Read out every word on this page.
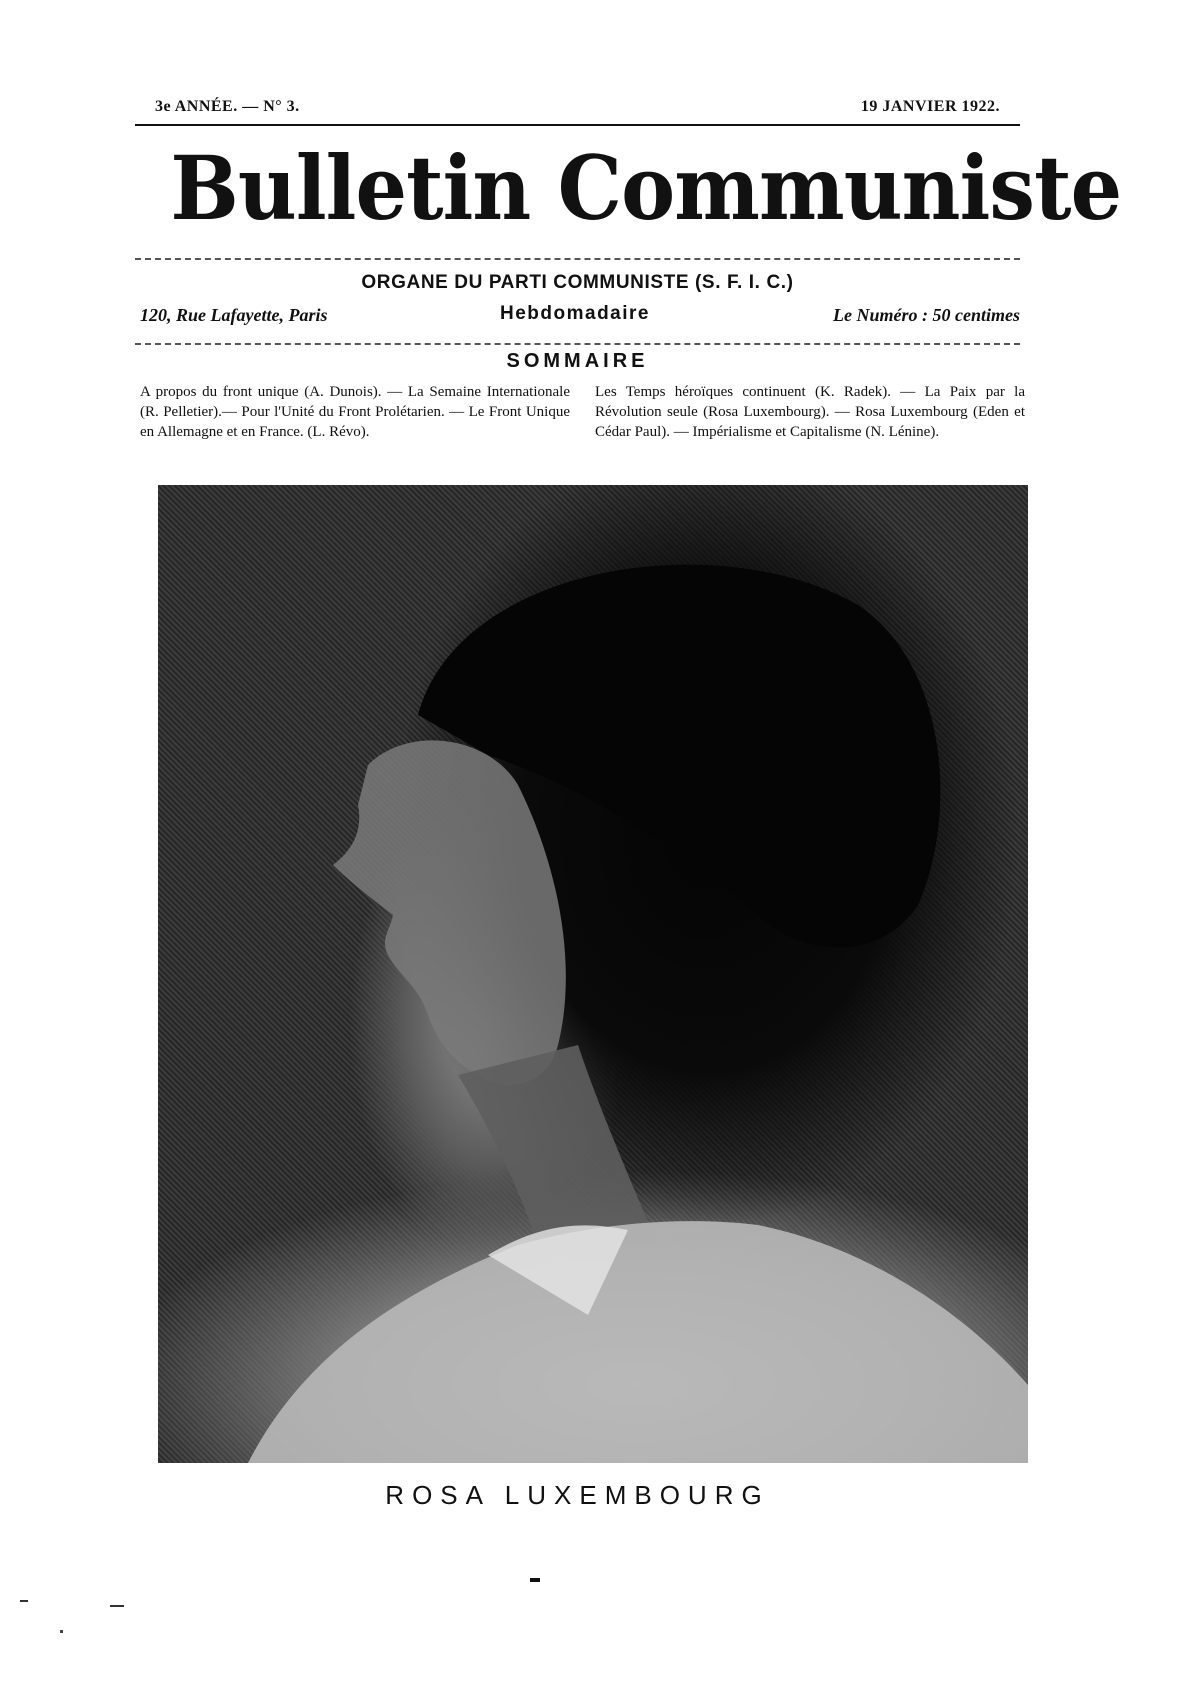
3e ANNÉE. — N° 3.	19 JANVIER 1922.
Bulletin Communiste
ORGANE DU PARTI COMMUNISTE (S. F. I. C.)
120, Rue Lafayette, Paris	Hebdomadaire	Le Numéro : 50 centimes
SOMMAIRE

A propos du front unique (A. Dunois). — La Semaine Internationale (R. Pelletier).— Pour l'Unité du Front Prolétarien. — Le Front Unique en Allemagne et en France. (L. Révo).

Les Temps héroïques continuent (K. Radek). — La Paix par la Révolution seule (Rosa Luxembourg). — Rosa Luxembourg (Eden et Cédar Paul). — Impérialisme et Capitalisme (N. Lénine).

ROSA LUXEMBOURG
